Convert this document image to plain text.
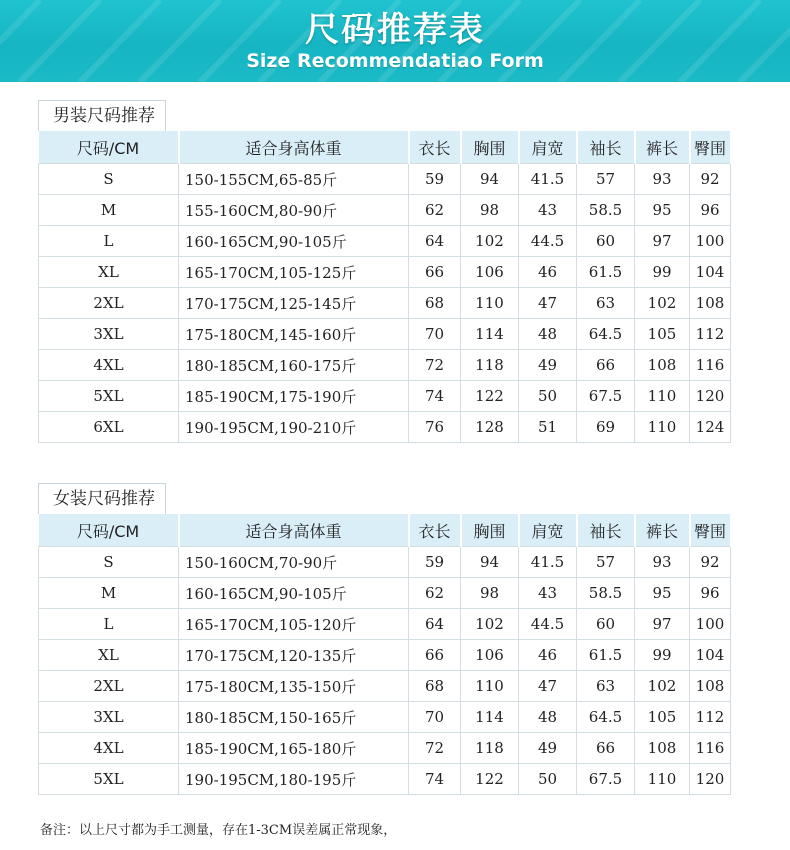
尺码推荐表
Size Recommendatiao Form
男装尺码推荐
尺码/CM	适合身高体重	衣长	胸围	肩宽	袖长	裤长	臀围
S	150-155CM,65-85斤	59	94	41.5	57	93	92
M	155-160CM,80-90斤	62	98	43	58.5	95	96
L	160-165CM,90-105斤	64	102	44.5	60	97	100
XL	165-170CM,105-125斤	66	106	46	61.5	99	104
2XL	170-175CM,125-145斤	68	110	47	63	102	108
3XL	175-180CM,145-160斤	70	114	48	64.5	105	112
4XL	180-185CM,160-175斤	72	118	49	66	108	116
5XL	185-190CM,175-190斤	74	122	50	67.5	110	120
6XL	190-195CM,190-210斤	76	128	51	69	110	124
女装尺码推荐
尺码/CM	适合身高体重	衣长	胸围	肩宽	袖长	裤长	臀围
S	150-160CM,70-90斤	59	94	41.5	57	93	92
M	160-165CM,90-105斤	62	98	43	58.5	95	96
L	165-170CM,105-120斤	64	102	44.5	60	97	100
XL	170-175CM,120-135斤	66	106	46	61.5	99	104
2XL	175-180CM,135-150斤	68	110	47	63	102	108
3XL	180-185CM,150-165斤	70	114	48	64.5	105	112
4XL	185-190CM,165-180斤	72	118	49	66	108	116
5XL	190-195CM,180-195斤	74	122	50	67.5	110	120
备注：以上尺寸都为手工测量，存在1-3CM误差属正常现象，
